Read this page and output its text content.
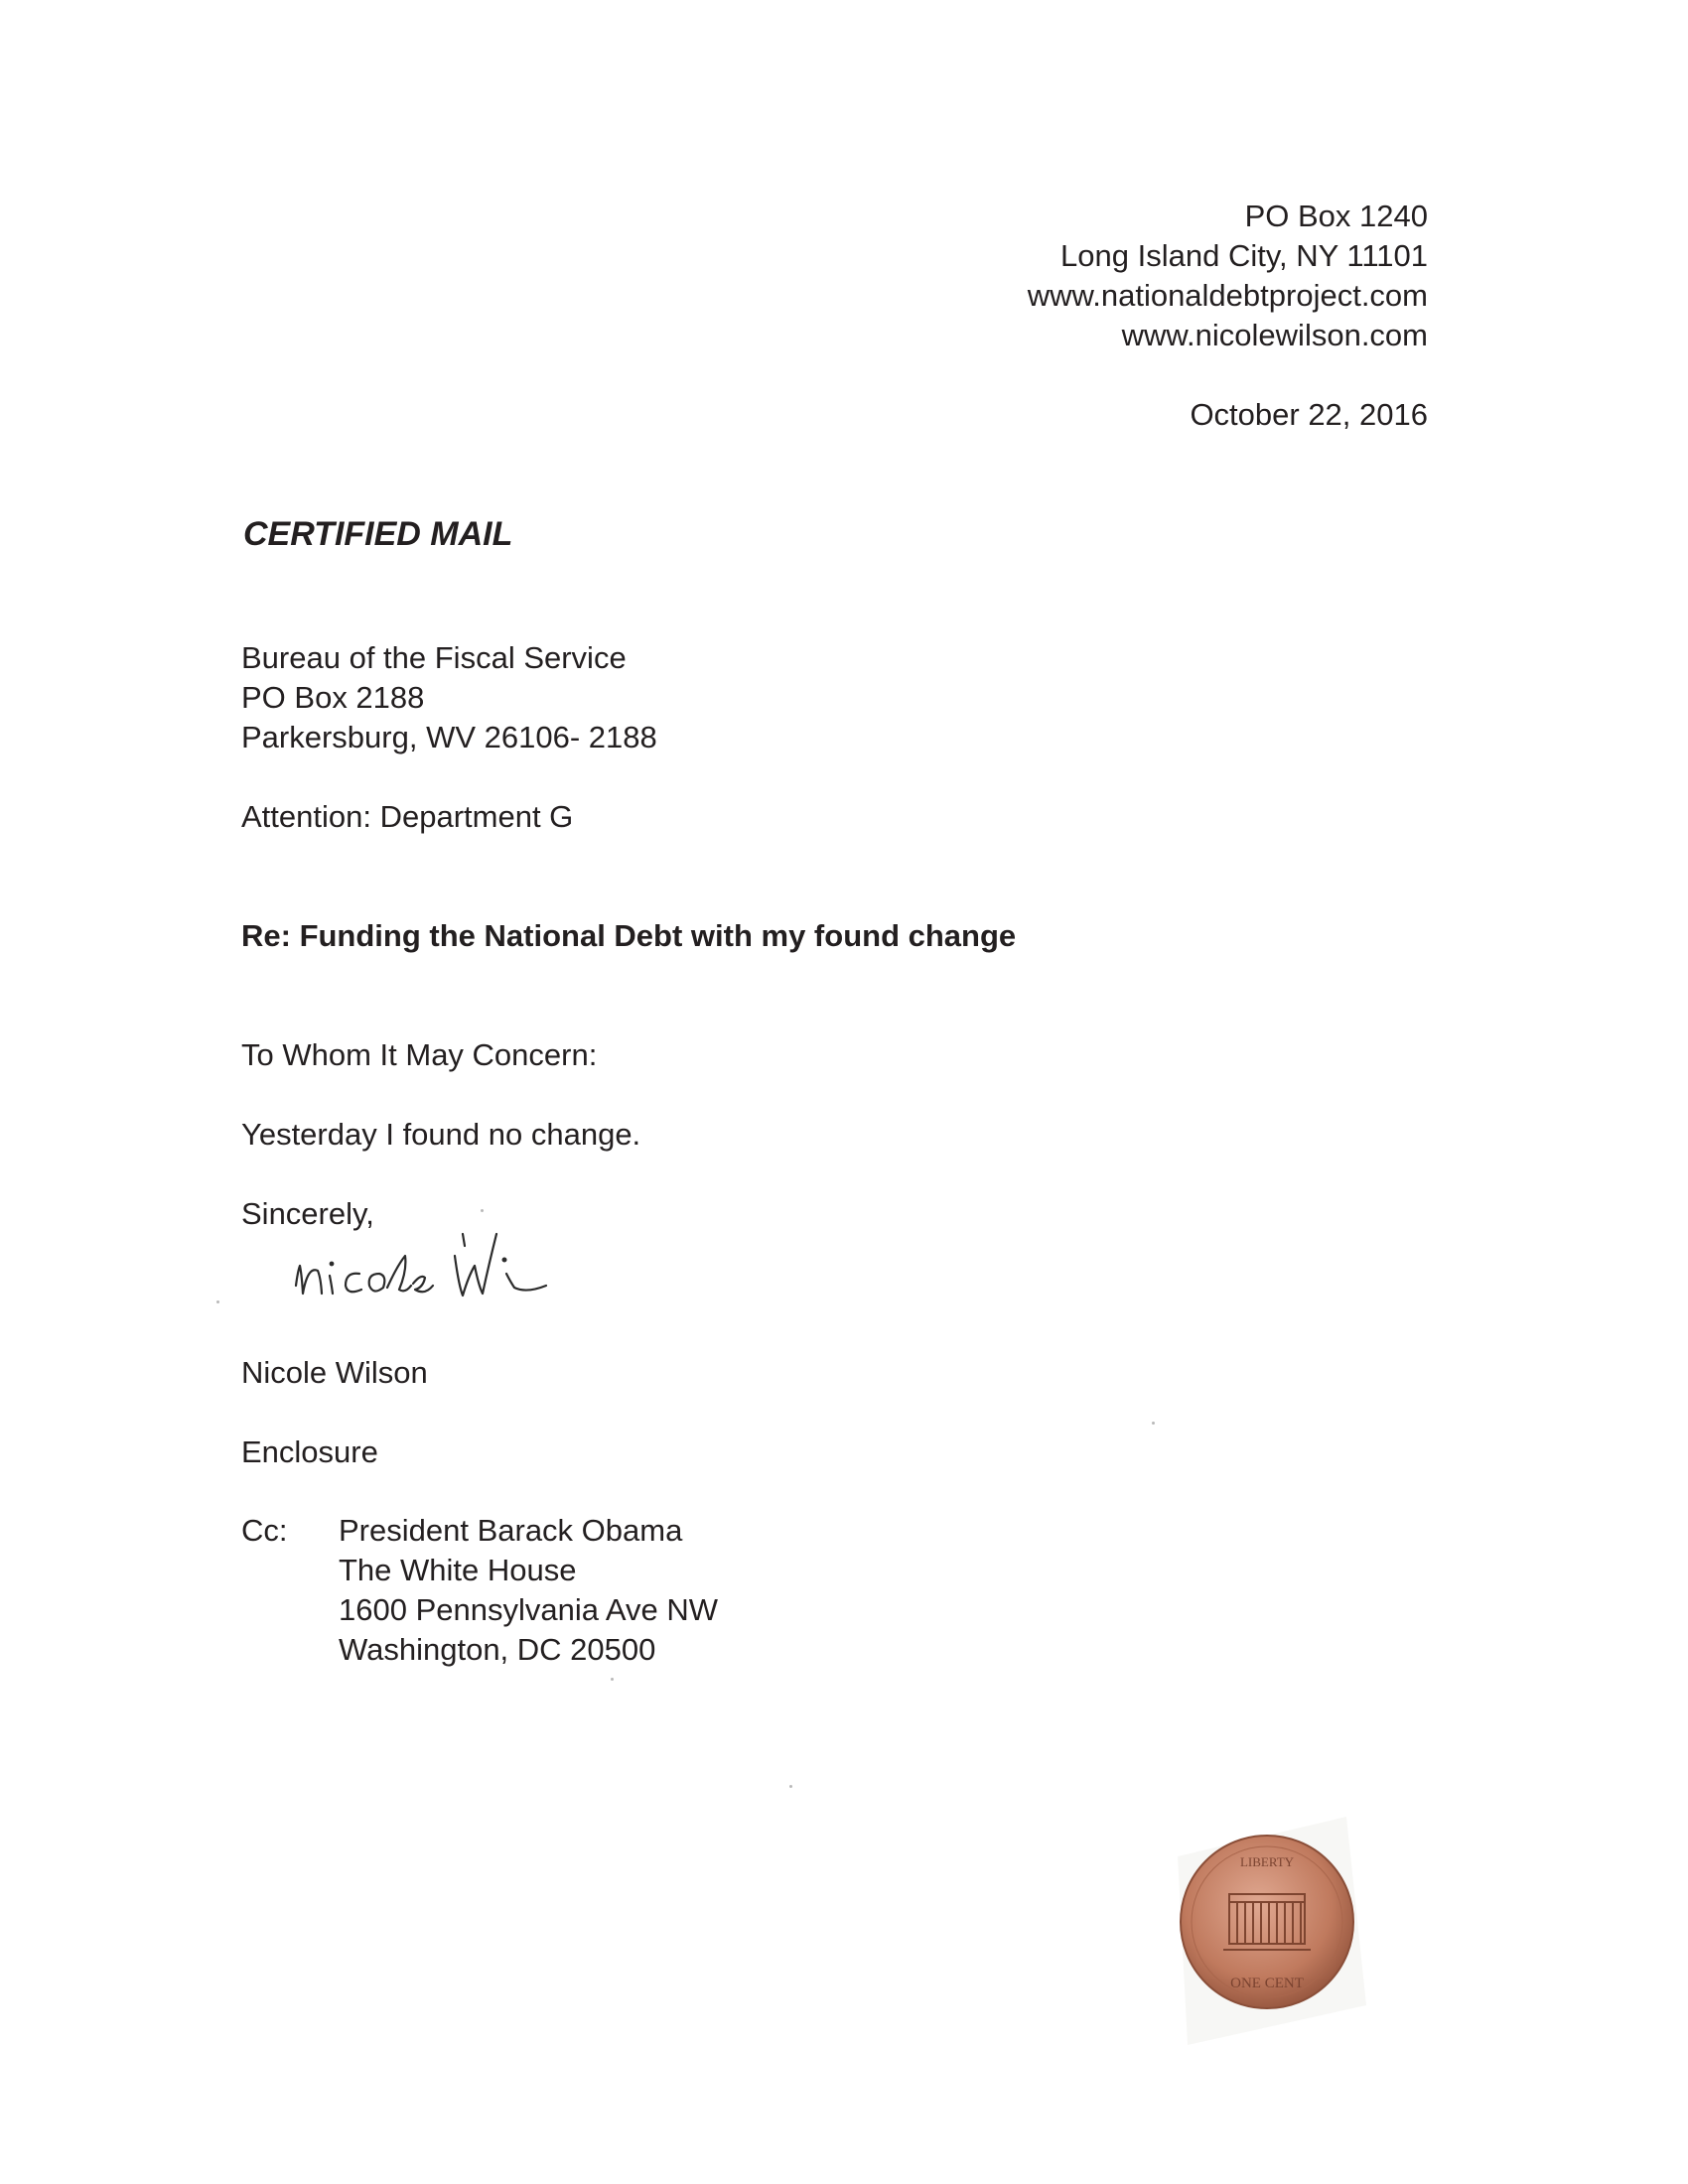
PO Box 1240
Long Island City, NY 11101
www.nationaldebtproject.com
www.nicolewilson.com
October 22, 2016
CERTIFIED MAIL
Bureau of the Fiscal Service
PO Box 2188
Parkersburg, WV 26106- 2188
Attention: Department G
Re: Funding the National Debt with my found change
To Whom It May Concern:
Yesterday I found no change.
Sincerely,
Nicole Wilson
Enclosure
Cc: President Barack Obama
The White House
1600 Pennsylvania Ave NW
Washington, DC 20500
LIBERTY
ONE CENT
